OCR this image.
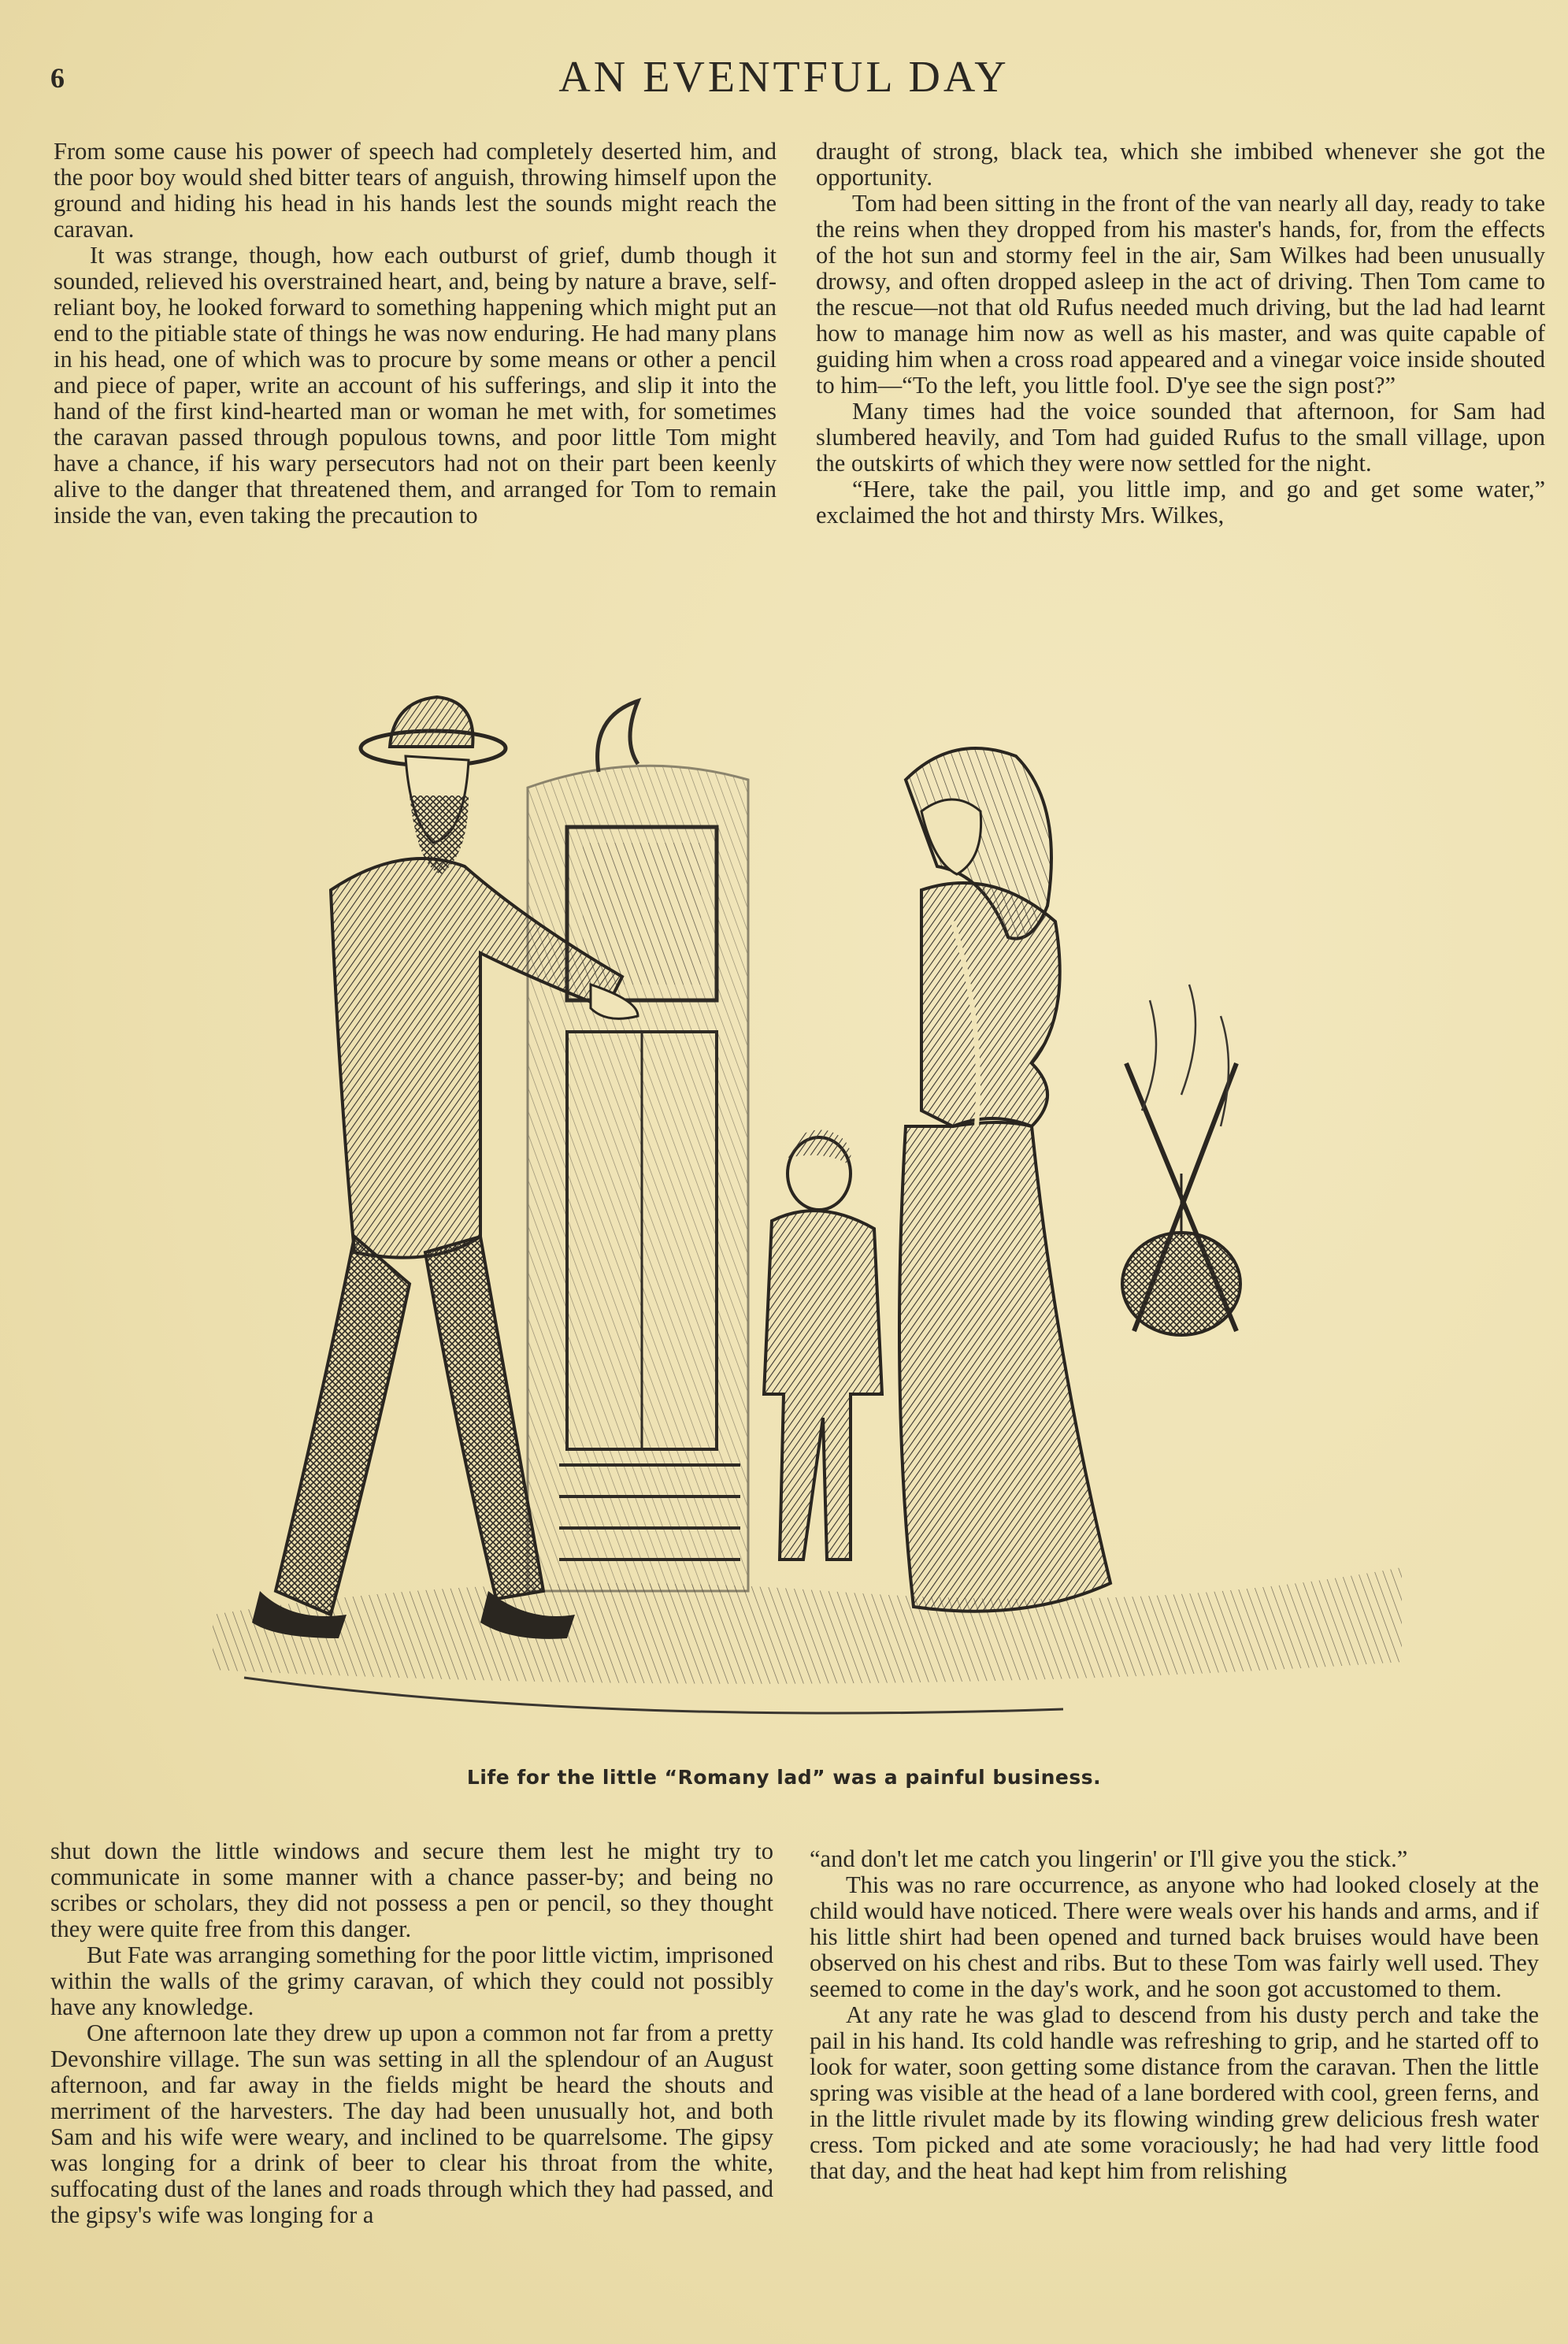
6	AN EVENTFUL DAY

From some cause his power of speech had completely deserted him, and the poor boy would shed bitter tears of anguish, throwing himself upon the ground and hiding his head in his hands lest the sounds might reach the caravan.

It was strange, though, how each outburst of grief, dumb though it sounded, relieved his overstrained heart, and, being by nature a brave, self-reliant boy, he looked forward to something happening which might put an end to the pitiable state of things he was now enduring. He had many plans in his head, one of which was to procure by some means or other a pencil and piece of paper, write an account of his sufferings, and slip it into the hand of the first kind-hearted man or woman he met with, for sometimes the caravan passed through populous towns, and poor little Tom might have a chance, if his wary persecutors had not on their part been keenly alive to the danger that threatened them, and arranged for Tom to remain inside the van, even taking the precaution to

draught of strong, black tea, which she imbibed whenever she got the opportunity.

Tom had been sitting in the front of the van nearly all day, ready to take the reins when they dropped from his master's hands, for, from the effects of the hot sun and stormy feel in the air, Sam Wilkes had been unusually drowsy, and often dropped asleep in the act of driving. Then Tom came to the rescue—not that old Rufus needed much driving, but the lad had learnt how to manage him now as well as his master, and was quite capable of guiding him when a cross road appeared and a vinegar voice inside shouted to him—“To the left, you little fool. D'ye see the sign post?”

Many times had the voice sounded that afternoon, for Sam had slumbered heavily, and Tom had guided Rufus to the small village, upon the outskirts of which they were now settled for the night.

“Here, take the pail, you little imp, and go and get some water,” exclaimed the hot and thirsty Mrs. Wilkes,

Life for the little “Romany lad” was a painful business.

shut down the little windows and secure them lest he might try to communicate in some manner with a chance passer-by; and being no scribes or scholars, they did not possess a pen or pencil, so they thought they were quite free from this danger.

But Fate was arranging something for the poor little victim, imprisoned within the walls of the grimy caravan, of which they could not possibly have any knowledge.

One afternoon late they drew up upon a common not far from a pretty Devonshire village. The sun was setting in all the splendour of an August afternoon, and far away in the fields might be heard the shouts and merriment of the harvesters. The day had been unusually hot, and both Sam and his wife were weary, and inclined to be quarrelsome. The gipsy was longing for a drink of beer to clear his throat from the white, suffocating dust of the lanes and roads through which they had passed, and the gipsy's wife was longing for a

“and don't let me catch you lingerin' or I'll give you the stick.”

This was no rare occurrence, as anyone who had looked closely at the child would have noticed. There were weals over his hands and arms, and if his little shirt had been opened and turned back bruises would have been observed on his chest and ribs. But to these Tom was fairly well used. They seemed to come in the day's work, and he soon got accustomed to them.

At any rate he was glad to descend from his dusty perch and take the pail in his hand. Its cold handle was refreshing to grip, and he started off to look for water, soon getting some distance from the caravan. Then the little spring was visible at the head of a lane bordered with cool, green ferns, and in the little rivulet made by its flowing winding grew delicious fresh water cress. Tom picked and ate some voraciously; he had had very little food that day, and the heat had kept him from relishing
